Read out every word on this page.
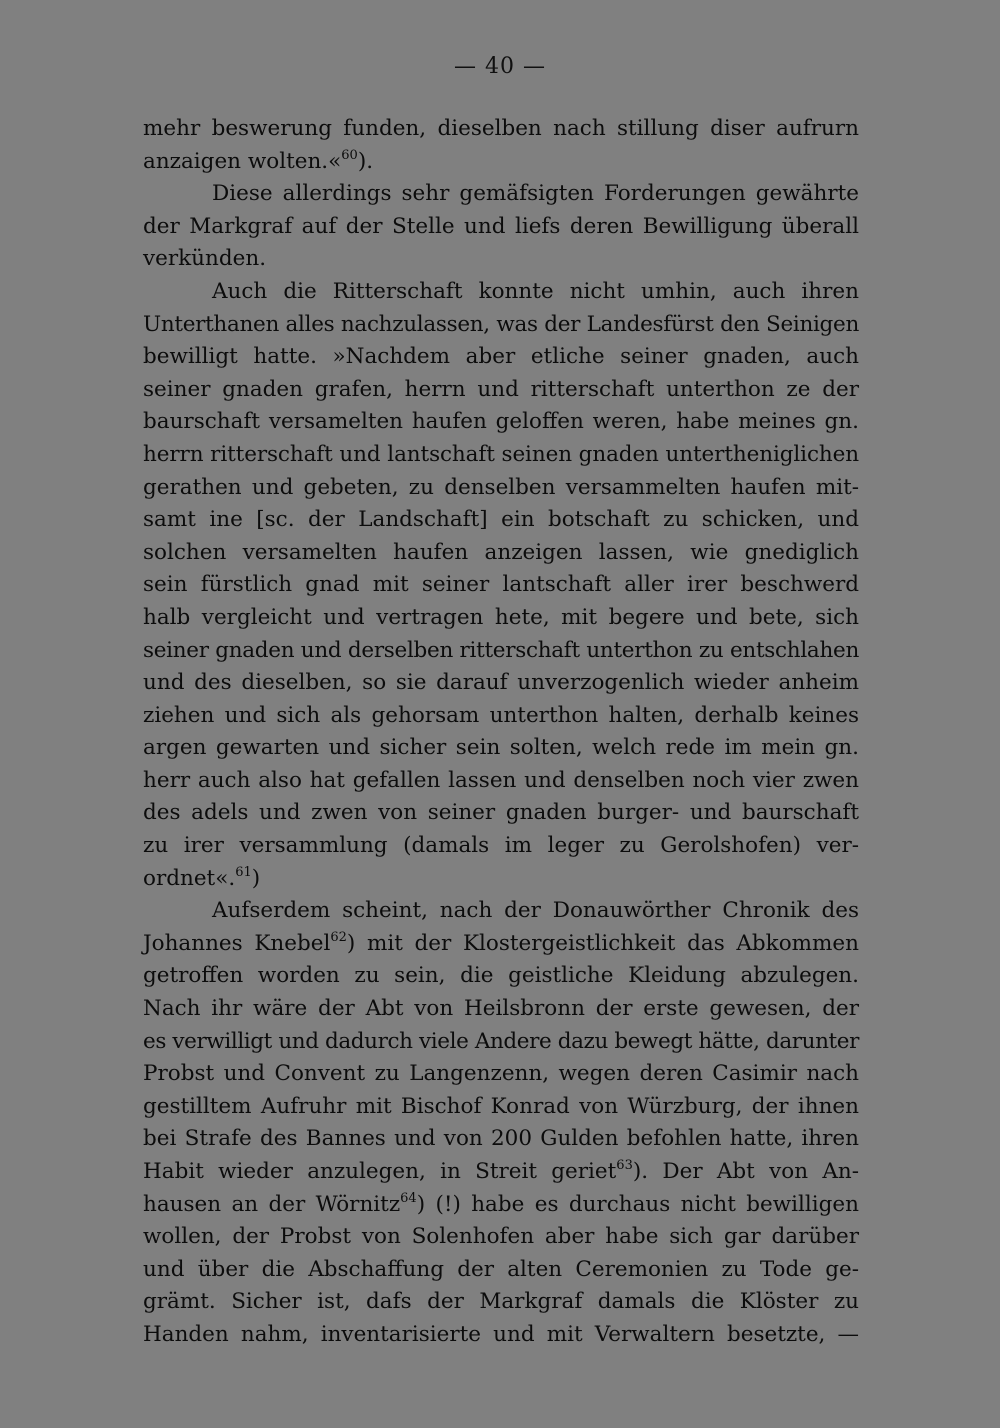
— 40 —
mehr beswerung funden, dieselben nach stillung diser aufrurn
anzaigen wolten.«$^{60}$).
Diese allerdings sehr gemäfsigten Forderungen gewährte
der Markgraf auf der Stelle und liefs deren Bewilligung überall
verkünden.
Auch die Ritterschaft konnte nicht umhin, auch ihren
Unterthanen alles nachzulassen, was der Landesfürst den Seinigen
bewilligt hatte. »Nachdem aber etliche seiner gnaden, auch
seiner gnaden grafen, herrn und ritterschaft unterthon ze der
baurschaft versamelten haufen geloffen weren, habe meines gn.
herrn ritterschaft und lantschaft seinen gnaden untertheniglichen
gerathen und gebeten, zu denselben versammelten haufen mit-
samt ine [sc. der Landschaft] ein botschaft zu schicken, und
solchen versamelten haufen anzeigen lassen, wie gnediglich
sein fürstlich gnad mit seiner lantschaft aller irer beschwerd
halb vergleicht und vertragen hete, mit begere und bete, sich
seiner gnaden und derselben ritterschaft unterthon zu entschlahen
und des dieselben, so sie darauf unverzogenlich wieder anheim
ziehen und sich als gehorsam unterthon halten, derhalb keines
argen gewarten und sicher sein solten, welch rede im mein gn.
herr auch also hat gefallen lassen und denselben noch vier zwen
des adels und zwen von seiner gnaden burger- und baurschaft
zu irer versammlung (damals im leger zu Gerolshofen) ver-
ordnet«.$^{61}$)
Aufserdem scheint, nach der Donauwörther Chronik des
Johannes Knebel$^{62}$) mit der Klostergeistlichkeit das Abkommen
getroffen worden zu sein, die geistliche Kleidung abzulegen.
Nach ihr wäre der Abt von Heilsbronn der erste gewesen, der
es verwilligt und dadurch viele Andere dazu bewegt hätte, darunter
Probst und Convent zu Langenzenn, wegen deren Casimir nach
gestilltem Aufruhr mit Bischof Konrad von Würzburg, der ihnen
bei Strafe des Bannes und von 200 Gulden befohlen hatte, ihren
Habit wieder anzulegen, in Streit geriet$^{63}$). Der Abt von An-
hausen an der Wörnitz$^{64}$) (!) habe es durchaus nicht bewilligen
wollen, der Probst von Solenhofen aber habe sich gar darüber
und über die Abschaffung der alten Ceremonien zu Tode ge-
grämt. Sicher ist, dafs der Markgraf damals die Klöster zu
Handen nahm, inventarisierte und mit Verwaltern besetzte, —
